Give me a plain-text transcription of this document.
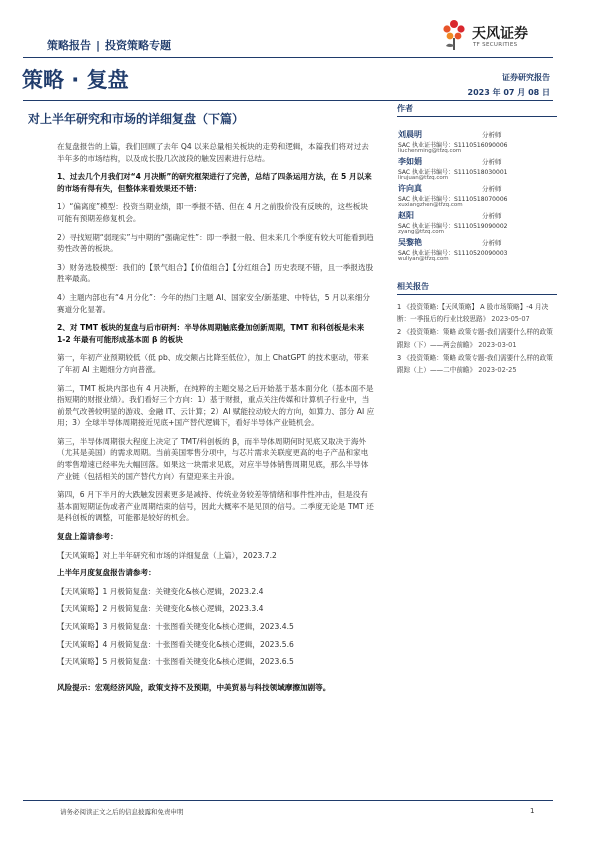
策略报告 | 投资策略专题
天风证券
TF SECURITIES
策略 · 复盘	证券研究报告
2023 年 07 月 08 日
对上半年研究和市场的详细复盘（下篇）

在复盘报告的上篇，我们回顾了去年 Q4 以来总量相关板块的走势和逻辑，本篇我们将对过去半年多的市场结构，以及成长股几次波段的触发因素进行总结。

1、过去几个月我们对“4 月决断”的研究框架进行了完善，总结了四条运用方法，在 5 月以来的市场有得有失，但整体来看效果还不错：

1）“偏离度”模型：投资当期业绩，即一季报不错、但在 4 月之前股价没有反映的，这些板块可能有预期差修复机会。

2）寻找短期“弱现实”与中期的“强确定性”：即一季报一般、但未来几个季度有较大可能看到趋势性改善的板块。

3）财务选股模型：我们的【景气组合】【价值组合】【分红组合】历史表现不错，且一季报选股胜率最高。

4）主题内部也有“4 月分化”：今年的热门主题 AI、国家安全/新基建、中特估，5 月以来细分赛道分化显著。

2、对 TMT 板块的复盘与后市研判：半导体周期触底叠加创新周期，TMT 和科创板是未来 1-2 年最有可能形成基本面 β 的板块

第一，年初产业预期较低（低 pb、成交额占比降至低位），加上 ChatGPT 的技术驱动，带来了年初 AI 主题细分方向普涨。

第二，TMT 板块内部也有 4 月决断，在纯粹的主题交易之后开始基于基本面分化（基本面不是指短期的财报业绩）。我们看好三个方向：1）基于财报，重点关注传媒和计算机子行业中，当前景气改善较明显的游戏、金融 IT、云计算；2）AI 赋能拉动较大的方向，如算力、部分 AI 应用；3）全球半导体周期接近见底+国产替代逻辑下，看好半导体产业链机会。

第三，半导体周期很大程度上决定了 TMT/科创板的 β，而半导体周期何时见底又取决于海外（尤其是美国）的需求周期。当前美国零售分项中，与芯片需求关联度更高的电子产品和家电的零售增速已经率先大幅回落。如果这一块需求见底，对应半导体销售周期见底，那么半导体产业链（包括相关的国产替代方向）有望迎来主升浪。

第四，6 月下半月的大跌触发因素更多是减持、传统业务较差等情绪和事件性冲击，但是没有基本面短期证伪或者产业周期结束的信号，因此大概率不是见顶的信号。二季度无论是 TMT 还是科创板的调整，可能都是较好的机会。

复盘上篇请参考：

【天风策略】对上半年研究和市场的详细复盘（上篇），2023.7.2

上半年月度复盘报告请参考：

【天风策略】1 月极简复盘：关键变化&核心逻辑，2023.2.4

【天风策略】2 月极简复盘：关键变化&核心逻辑，2023.3.4

【天风策略】3 月极简复盘：十张图看关键变化&核心逻辑，2023.4.5

【天风策略】4 月极简复盘：十张图看关键变化&核心逻辑，2023.5.6

【天风策略】5 月极简复盘：十张图看关键变化&核心逻辑，2023.6.5

风险提示：宏观经济风险，政策支持不及预期，中美贸易与科技领域摩擦加剧等。

作者
刘晨明	分析师
SAC 执业证书编号：S1110516090006
liuchenming@tfzq.com
李如娟	分析师
SAC 执业证书编号：S1110518030001
lirujuan@tfzq.com
许向真	分析师
SAC 执业证书编号：S1110518070006
xuxiangzhen@tfzq.com
赵阳	分析师
SAC 执业证书编号：S1110519090002
zyang@tfzq.com
吴黎艳	分析师
SAC 执业证书编号：S1110520090003
wuliyan@tfzq.com
相关报告
1 《投资策略:【天风策略】 A 股市场策略】-4 月决断：一季报后的行业比较思路》 2023-05-07
2 《投资策略：策略 政策专题-我们需要什么样的政策跟踪（下）——两会前瞻》 2023-03-01
3 《投资策略：策略 政策专题-我们需要什么样的政策跟踪（上）——二中前瞻》 2023-02-25
请务必阅读正文之后的信息披露和免责申明	1
